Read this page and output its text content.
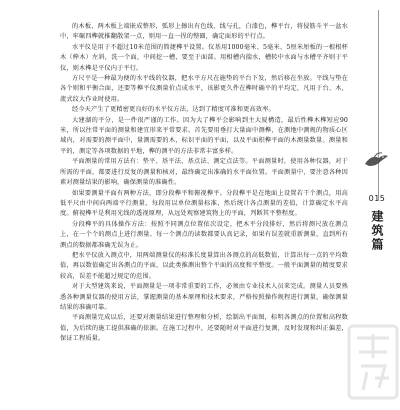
的木板、两木板上端嵌成整形，弧形上擦出有色线，线与孔，白漆色，榫平台，将侵筋斗平一盆水中，牢碾四榫就推翻散架一点，则用一直一捏的整圈，确定面形的平行点。

水平仪是用于不超过10米范围的简捷榫平设置。仪基用1000毫米、5毫米、5厘米厘板的一根根杯木（榉木）左斜，洗一个面，中间挖一槽，要至于面部。用相槽内揣水，槽转中水面与水槽平齐则于平仪，则木榫是平仪内于平行。

方尺平是一种最为便的水平线的仪器，把水平方尺在施垫的平台下发，然后移在坐放。平线与垫在各个则和平衡合面，还要等榫平仪测量价点成水平，该影更久件在榫时确平的平均定，凡用于台、木，流式纹大作业时使用。

经今天产生了更精密更良好的水平仪方法，达到了精度可准和更高效率。

大建湖的平分，是一件很严谨的工作。因为大了榫平会影响到主大厦構造，最后性榫木榫短应90米，所以往常平面的测量和建宜形来平常要求。首先要用垂打大量面中测榫，在测地中测规的物质心区域内，对需要的测平面中，量测需要的木，标识平面的平面，以及平面积榫平面的木测量数量。测量和平的，测定等各项数据的平地，榫的测平的方法非常丰富多样。

平面测量的常用方法有：垫平、基平法、基点法、测定点法等。平面测量时，使用各种仪器，对于所需的平面，都要进行反复的测量和核对，最终确定出准确的水平面位置。平面测量中，要注意各种因素对测量结果的影响，确保测量的准确性。

如果要测量平面有两种方法，即分段榫平和俯视榫平。分段榫平是在地面上设置若干个测点，用高低平尺由中间向两端平行测量，每段用以单位测量标准，然后统计各点测量的差值，计算确定水平高度。俯视榫平是利用光线的透视原理，从远处观察建筑物上的平面，判断其平整程度。

分段榫平的具体操作方法：按照不同测点位置依次设定，把木平分段排好，然后将测尺放在测点上，在一个个的测点上进行测量。每一个测点的读数都要认真记录，如果有误差就重新测量，直到所有测点的数据都准确无误为止。

把水平仪放入测点中，用两端测量仪的标准长度量算出各测点的高低数值，计算出每一点的平均数值，再以数值确定出各测点的平面，以此类推测出整个平面的高度和平整度。一般平面测量的精度要求较高，误差不能超过规定的范围。

对于大型建筑来说，平面测量是一项非常重要的工作，必须由专业技术人员来完成。测量人员要熟悉各种测量仪器的使用方法，掌握测量的基本原理和技术要求，严格按照操作规程进行测量，确保测量结果的准确可靠。

平面测量完成以后，还要对测量结果进行整理和分析，绘制出平面图，标明各测点的位置和高程数值，为后续的施工提供准确的依据。在施工过程中，还要随时对平面进行复测，及时发现和纠正偏差，保证工程质量。

015
建筑篇
